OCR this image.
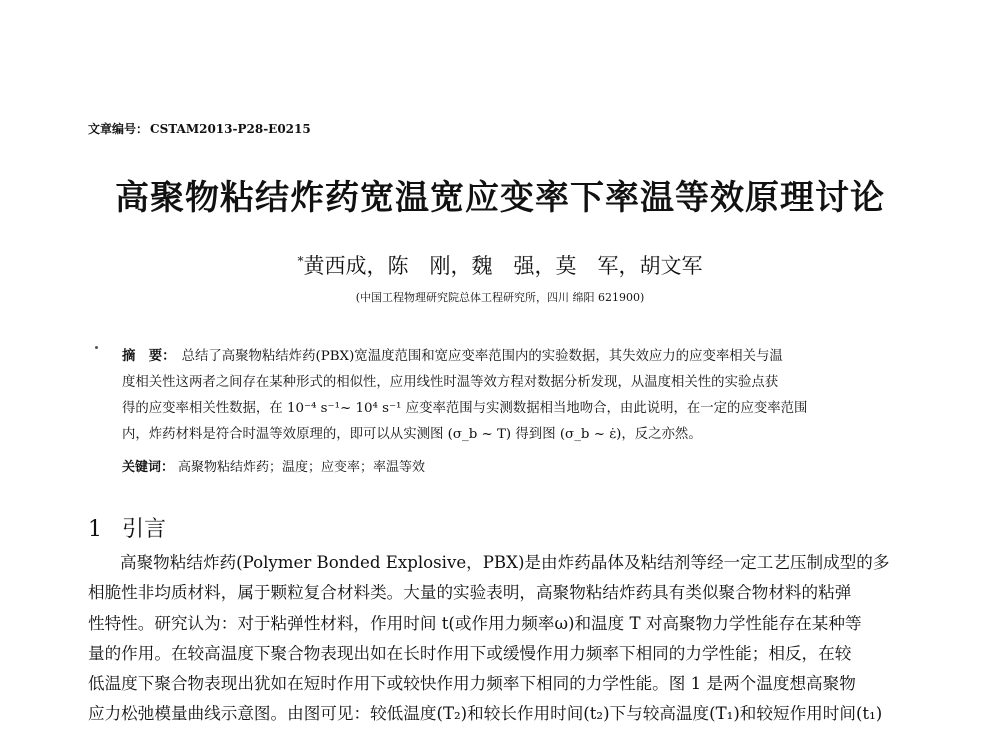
文章编号： CSTAM2013-P28-E0215
高聚物粘结炸药宽温宽应变率下率温等效原理讨论
*黄西成，陈　刚，魏　强，莫　军，胡文军
(中国工程物理研究院总体工程研究所，四川 绵阳 621900)
摘　要： 总结了高聚物粘结炸药(PBX)宽温度范围和宽应变率范围内的实验数据，其失效应力的应变率相关与温
度相关性这两者之间存在某种形式的相似性，应用线性时温等效方程对数据分析发现，从温度相关性的实验点获
得的应变率相关性数据，在 10⁻⁴ s⁻¹~ 10⁴ s⁻¹ 应变率范围与实测数据相当地吻合，由此说明，在一定的应变率范围
内，炸药材料是符合时温等效原理的，即可以从实测图 (σ_b ~ T) 得到图 (σ_b ~ ε̇)，反之亦然。
关键词： 高聚物粘结炸药；温度；应变率；率温等效
1 引言
高聚物粘结炸药(Polymer Bonded Explosive，PBX)是由炸药晶体及粘结剂等经一定工艺压制成型的多
相脆性非均质材料，属于颗粒复合材料类。大量的实验表明，高聚物粘结炸药具有类似聚合物材料的粘弹
性特性。研究认为：对于粘弹性材料，作用时间 t(或作用力频率ω)和温度 T 对高聚物力学性能存在某种等
量的作用。在较高温度下聚合物表现出如在长时作用下或缓慢作用力频率下相同的力学性能；相反，在较
低温度下聚合物表现出犹如在短时作用下或较快作用力频率下相同的力学性能。图 1 是两个温度想高聚物
应力松弛模量曲线示意图。由图可见：较低温度(T₂)和较长作用时间(t₂)下与较高温度(T₁)和较短作用时间(t₁)
